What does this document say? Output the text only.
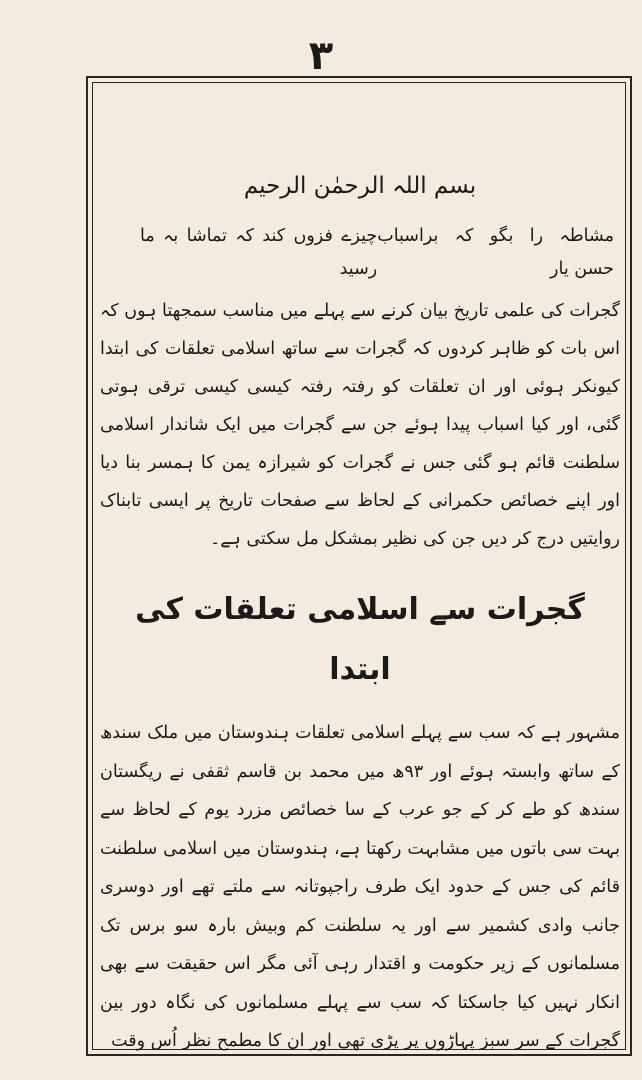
۳
بسم اللہ الرحمٰن الرحیم
مشاطہ را بگو کہ براسباب حسن یار
چیزے فزوں کند کہ تماشا بہ ما رسید

گجرات کی علمی تاریخ بیان کرنے سے پہلے میں مناسب سمجھتا ہوں کہ اس بات کو ظاہر کردوں کہ گجرات سے ساتھ اسلامی تعلقات کی ابتدا کیونکر ہوئی اور ان تعلقات کو رفتہ رفتہ کیسی کیسی ترقی ہوتی گئی، اور کیا اسباب پیدا ہوئے جن سے گجرات میں ایک شاندار اسلامی سلطنت قائم ہو گئی جس نے گجرات کو شیرازہ یمن کا ہمسر بنا دیا اور اپنے خصائص حکمرانی کے لحاظ سے صفحات تاریخ پر ایسی تابناک روایتیں درج کر دیں جن کی نظیر بمشکل مل سکتی ہے۔

گجرات سے اسلامی تعلقات کی ابتدا

مشہور ہے کہ سب سے پہلے اسلامی تعلقات ہندوستان میں ملک سندھ کے ساتھ وابستہ ہوئے اور ۹۳ھ میں محمد بن قاسم ثقفی نے ریگستان سندھ کو طے کر کے جو عرب کے سا خصائص مزرد یوم کے لحاظ سے بہت سی باتوں میں مشابہت رکھتا ہے، ہندوستان میں اسلامی سلطنت قائم کی جس کے حدود ایک طرف راجپوتانہ سے ملتے تھے اور دوسری جانب وادی کشمیر سے اور یہ سلطنت کم وبیش بارہ سو برس تک مسلمانوں کے زیر حکومت و اقتدار رہی آئی مگر اس حقیقت سے بھی انکار نہیں کیا جاسکتا کہ سب سے پہلے مسلمانوں کی نگاہ دور بین گجرات کے سر سبز پہاڑوں پر پڑی تھی اور ان کا مطمح نظر اُس وقت
